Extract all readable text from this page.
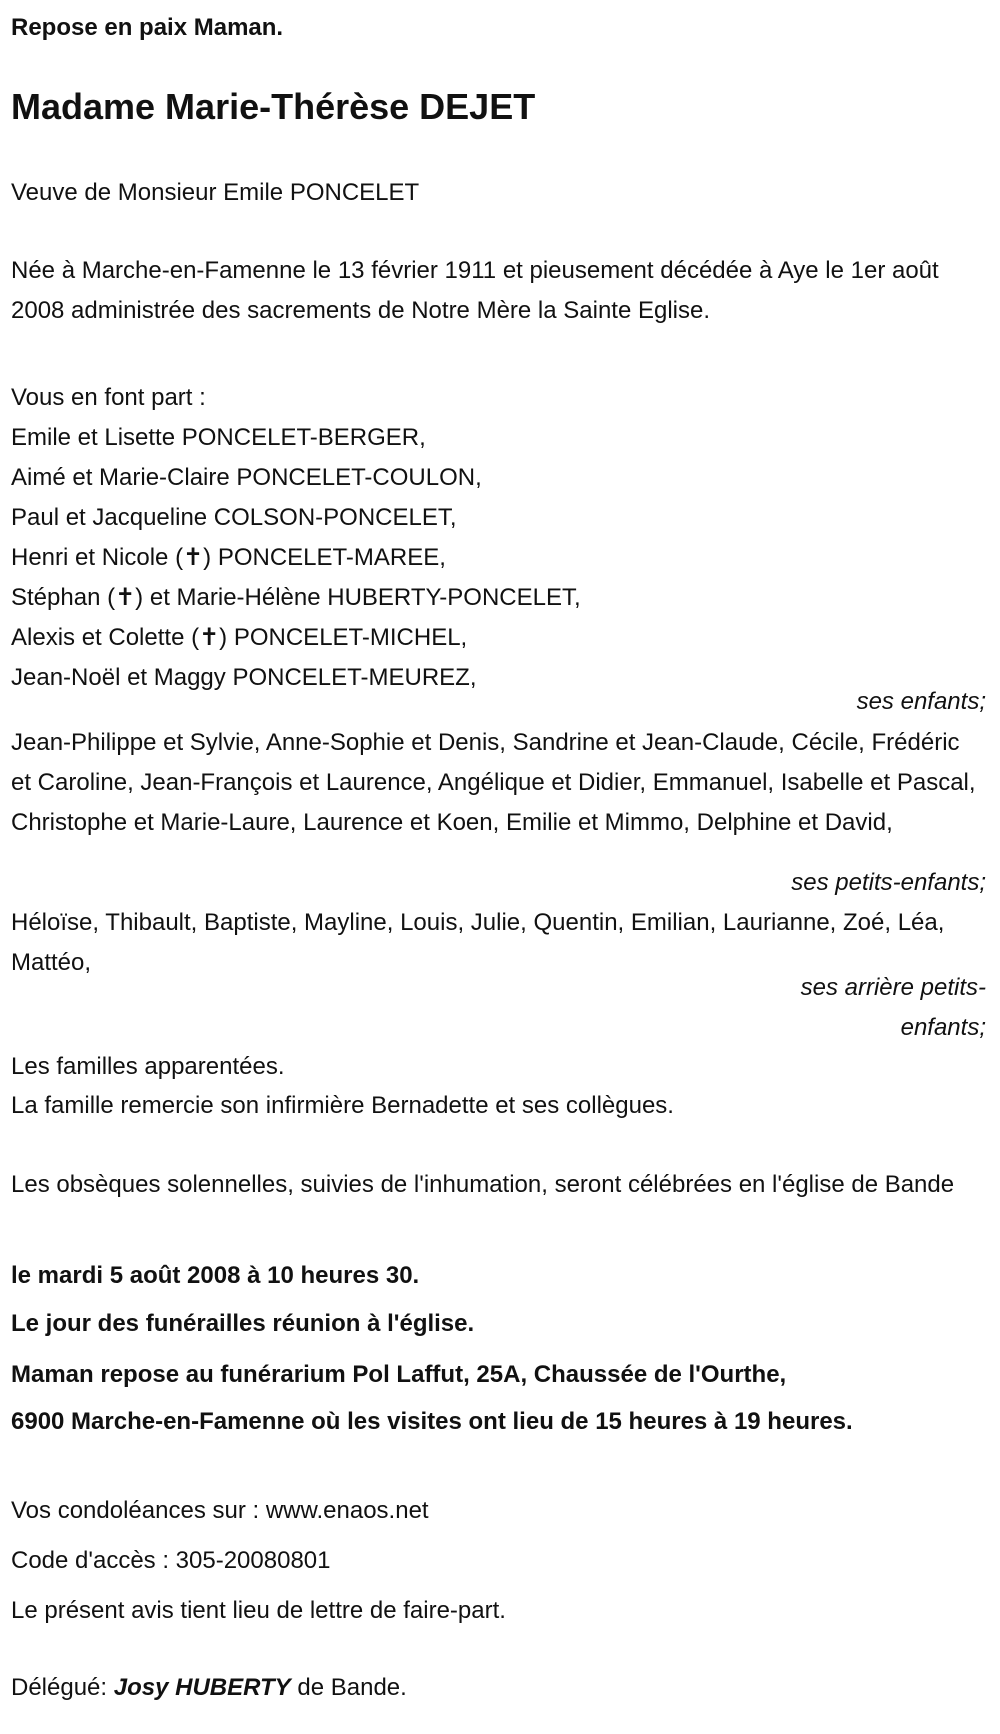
Repose en paix Maman.
Madame Marie-Thérèse DEJET
Veuve de Monsieur Emile PONCELET
Née à Marche-en-Famenne le 13 février 1911 et pieusement décédée à Aye le 1er août 2008 administrée des sacrements de Notre Mère la Sainte Eglise.
Vous en font part :
Emile et Lisette PONCELET-BERGER,
Aimé et Marie-Claire PONCELET-COULON,
Paul et Jacqueline COLSON-PONCELET,
Henri et Nicole (✝) PONCELET-MAREE,
Stéphan (✝) et Marie-Hélène HUBERTY-PONCELET,
Alexis et Colette (✝) PONCELET-MICHEL,
Jean-Noël et Maggy PONCELET-MEUREZ,
ses enfants;
Jean-Philippe et Sylvie, Anne-Sophie et Denis, Sandrine et Jean-Claude, Cécile, Frédéric et Caroline, Jean-François et Laurence, Angélique et Didier, Emmanuel, Isabelle et Pascal, Christophe et Marie-Laure, Laurence et Koen, Emilie et Mimmo, Delphine et David,
ses petits-enfants;
Héloïse, Thibault, Baptiste, Mayline, Louis, Julie, Quentin, Emilian, Laurianne, Zoé, Léa, Mattéo,
ses arrière petits-enfants;
Les familles apparentées.
La famille remercie son infirmière Bernadette et ses collègues.
Les obsèques solennelles, suivies de l'inhumation, seront célébrées en l'église de Bande
le mardi 5 août 2008 à 10 heures 30.
Le jour des funérailles réunion à l'église.
Maman repose au funérarium Pol Laffut, 25A, Chaussée de l'Ourthe,
6900 Marche-en-Famenne où les visites ont lieu de 15 heures à 19 heures.
Vos condoléances sur : www.enaos.net
Code d'accès : 305-20080801
Le présent avis tient lieu de lettre de faire-part.
Délégué: Josy HUBERTY de Bande.
